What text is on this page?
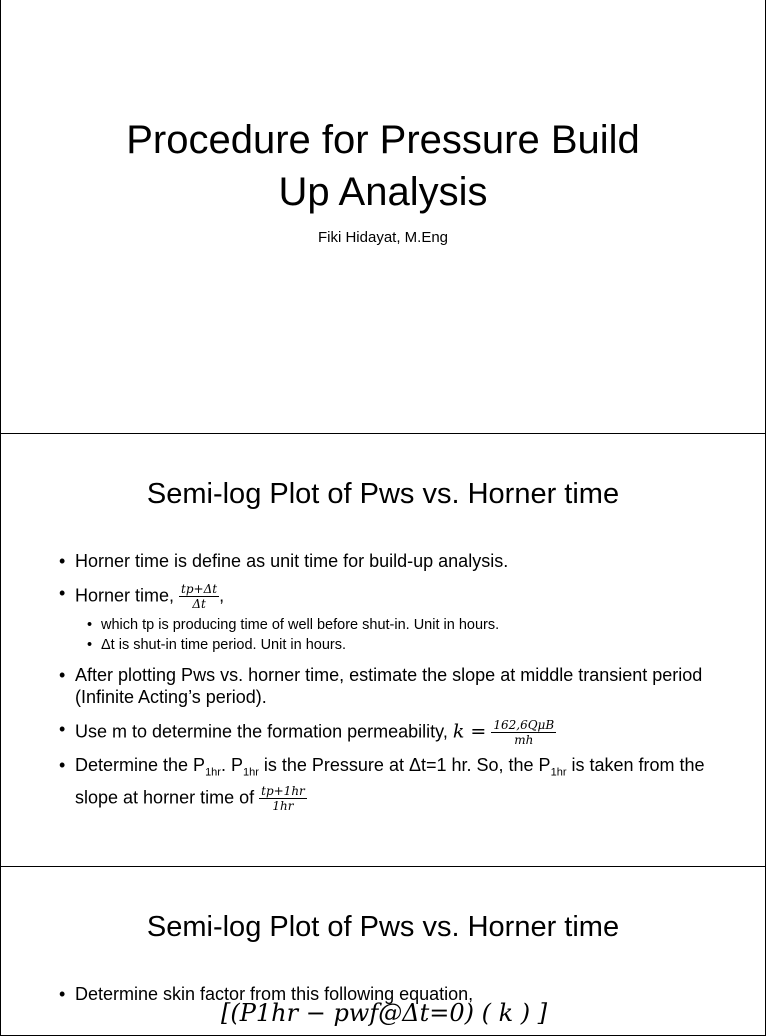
Procedure for Pressure Build
Up Analysis
Fiki Hidayat, M.Eng
Semi-log Plot of Pws vs. Horner time
• Horner time is define as unit time for build-up analysis.
• Horner time, $\frac{tp+\Delta t}{\Delta t}$ ,
• which tp is producing time of well before shut-in. Unit in hours.
• Δt is shut-in time period. Unit in hours.
• After plotting Pws vs. horner time, estimate the slope at middle transient period (Infinite Acting’s period).
• Use m to determine the formation permeability, $k = \frac{\text{162,6QμB}}{mh}$
• Determine the $P_{1hr}$. $P_{1hr}$ is the Pressure at Δt=1 hr. So, the $P_{1hr}$ is taken from the slope at horner time of $\frac{tp+1hr}{1hr}$
Semi-log Plot of Pws vs. Horner time
• Determine skin factor from this following equation,
[(P1hr − pwf@Δt=0) ( k ) ]
